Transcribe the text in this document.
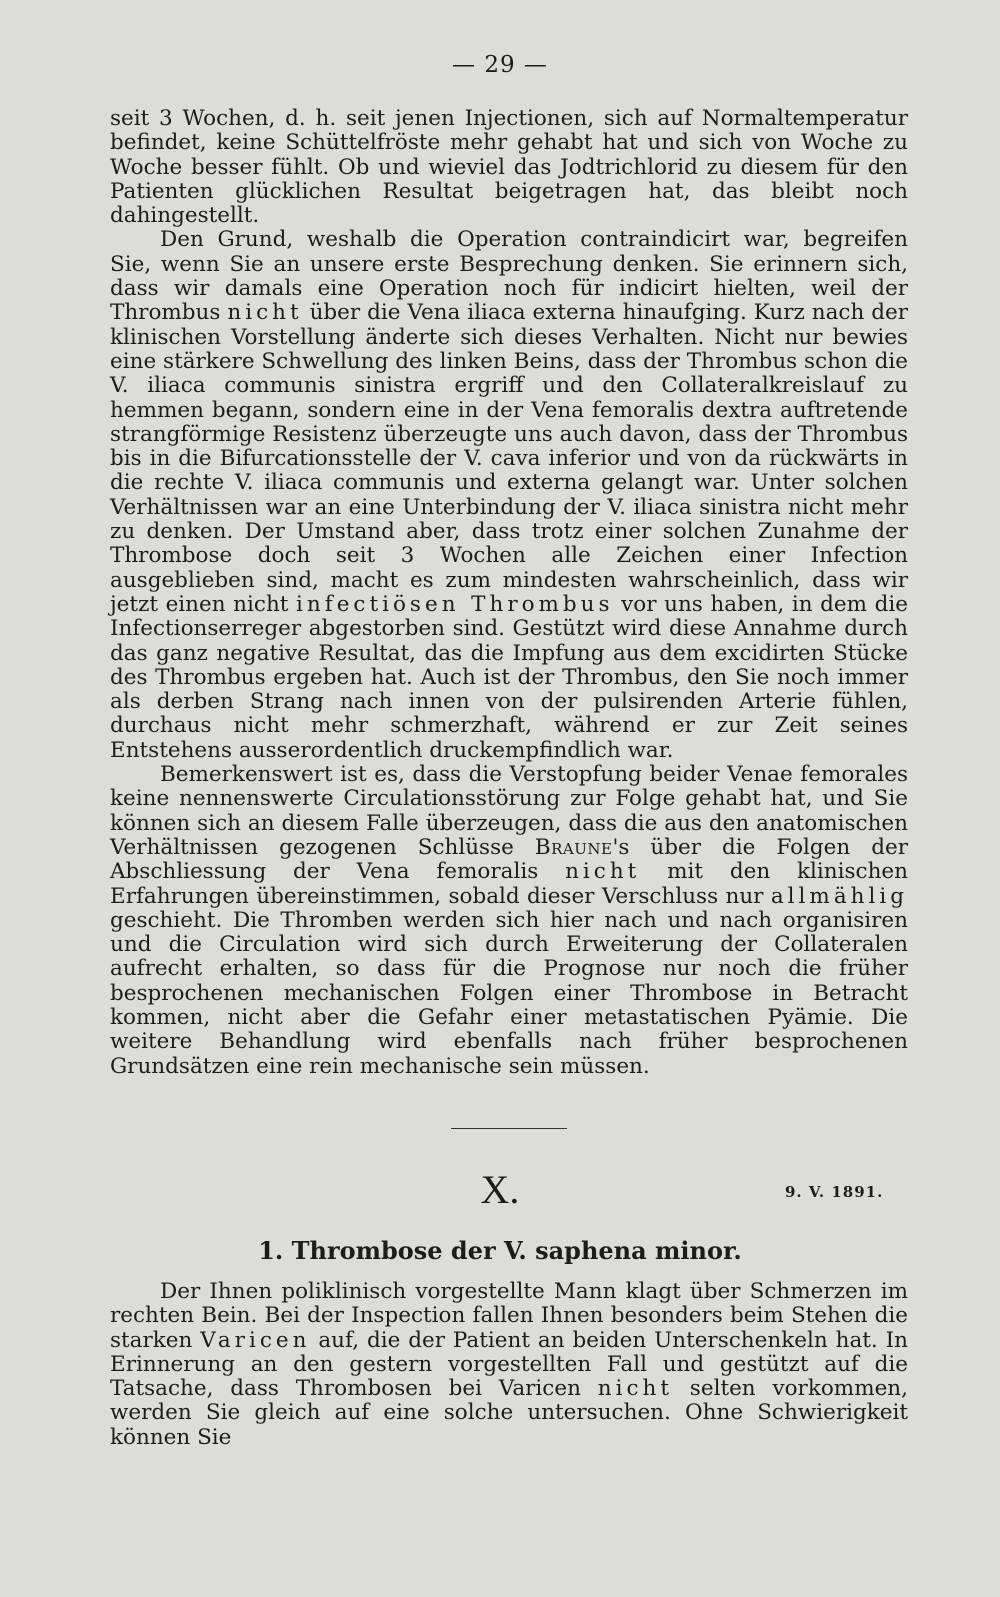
— 29 —

seit 3 Wochen, d. h. seit jenen Injectionen, sich auf Normaltemperatur befindet, keine Schüttelfröste mehr gehabt hat und sich von Woche zu Woche besser fühlt. Ob und wieviel das Jodtrichlorid zu diesem für den Patienten glücklichen Resultat beigetragen hat, das bleibt noch dahingestellt.

Den Grund, weshalb die Operation contraindicirt war, begreifen Sie, wenn Sie an unsere erste Besprechung denken. Sie erinnern sich, dass wir damals eine Operation noch für indicirt hielten, weil der Thrombus nicht über die Vena iliaca externa hinaufging. Kurz nach der klinischen Vorstellung änderte sich dieses Verhalten. Nicht nur bewies eine stärkere Schwellung des linken Beins, dass der Thrombus schon die V. iliaca communis sinistra ergriff und den Collateralkreislauf zu hemmen begann, sondern eine in der Vena femoralis dextra auftretende strangförmige Resistenz überzeugte uns auch davon, dass der Thrombus bis in die Bifurcationsstelle der V. cava inferior und von da rückwärts in die rechte V. iliaca communis und externa gelangt war. Unter solchen Verhältnissen war an eine Unterbindung der V. iliaca sinistra nicht mehr zu denken. Der Umstand aber, dass trotz einer solchen Zunahme der Thrombose doch seit 3 Wochen alle Zeichen einer Infection ausgeblieben sind, macht es zum mindesten wahrscheinlich, dass wir jetzt einen nicht infectiösen Thrombus vor uns haben, in dem die Infectionserreger abgestorben sind. Gestützt wird diese Annahme durch das ganz negative Resultat, das die Impfung aus dem excidirten Stücke des Thrombus ergeben hat. Auch ist der Thrombus, den Sie noch immer als derben Strang nach innen von der pulsirenden Arterie fühlen, durchaus nicht mehr schmerzhaft, während er zur Zeit seines Entstehens ausserordentlich druckempfindlich war.

Bemerkenswert ist es, dass die Verstopfung beider Venae femorales keine nennenswerte Circulationsstörung zur Folge gehabt hat, und Sie können sich an diesem Falle überzeugen, dass die aus den anatomischen Verhältnissen gezogenen Schlüsse Braune's über die Folgen der Abschliessung der Vena femoralis nicht mit den klinischen Erfahrungen übereinstimmen, sobald dieser Verschluss nur allmählig geschieht. Die Thromben werden sich hier nach und nach organisiren und die Circulation wird sich durch Erweiterung der Collateralen aufrecht erhalten, so dass für die Prognose nur noch die früher besprochenen mechanischen Folgen einer Thrombose in Betracht kommen, nicht aber die Gefahr einer metastatischen Pyämie. Die weitere Behandlung wird ebenfalls nach früher besprochenen Grundsätzen eine rein mechanische sein müssen.

X.	9. V. 1891.
1. Thrombose der V. saphena minor.

Der Ihnen poliklinisch vorgestellte Mann klagt über Schmerzen im rechten Bein. Bei der Inspection fallen Ihnen besonders beim Stehen die starken Varicen auf, die der Patient an beiden Unterschenkeln hat. In Erinnerung an den gestern vorgestellten Fall und gestützt auf die Tatsache, dass Thrombosen bei Varicen nicht selten vorkommen, werden Sie gleich auf eine solche untersuchen. Ohne Schwierigkeit können Sie
